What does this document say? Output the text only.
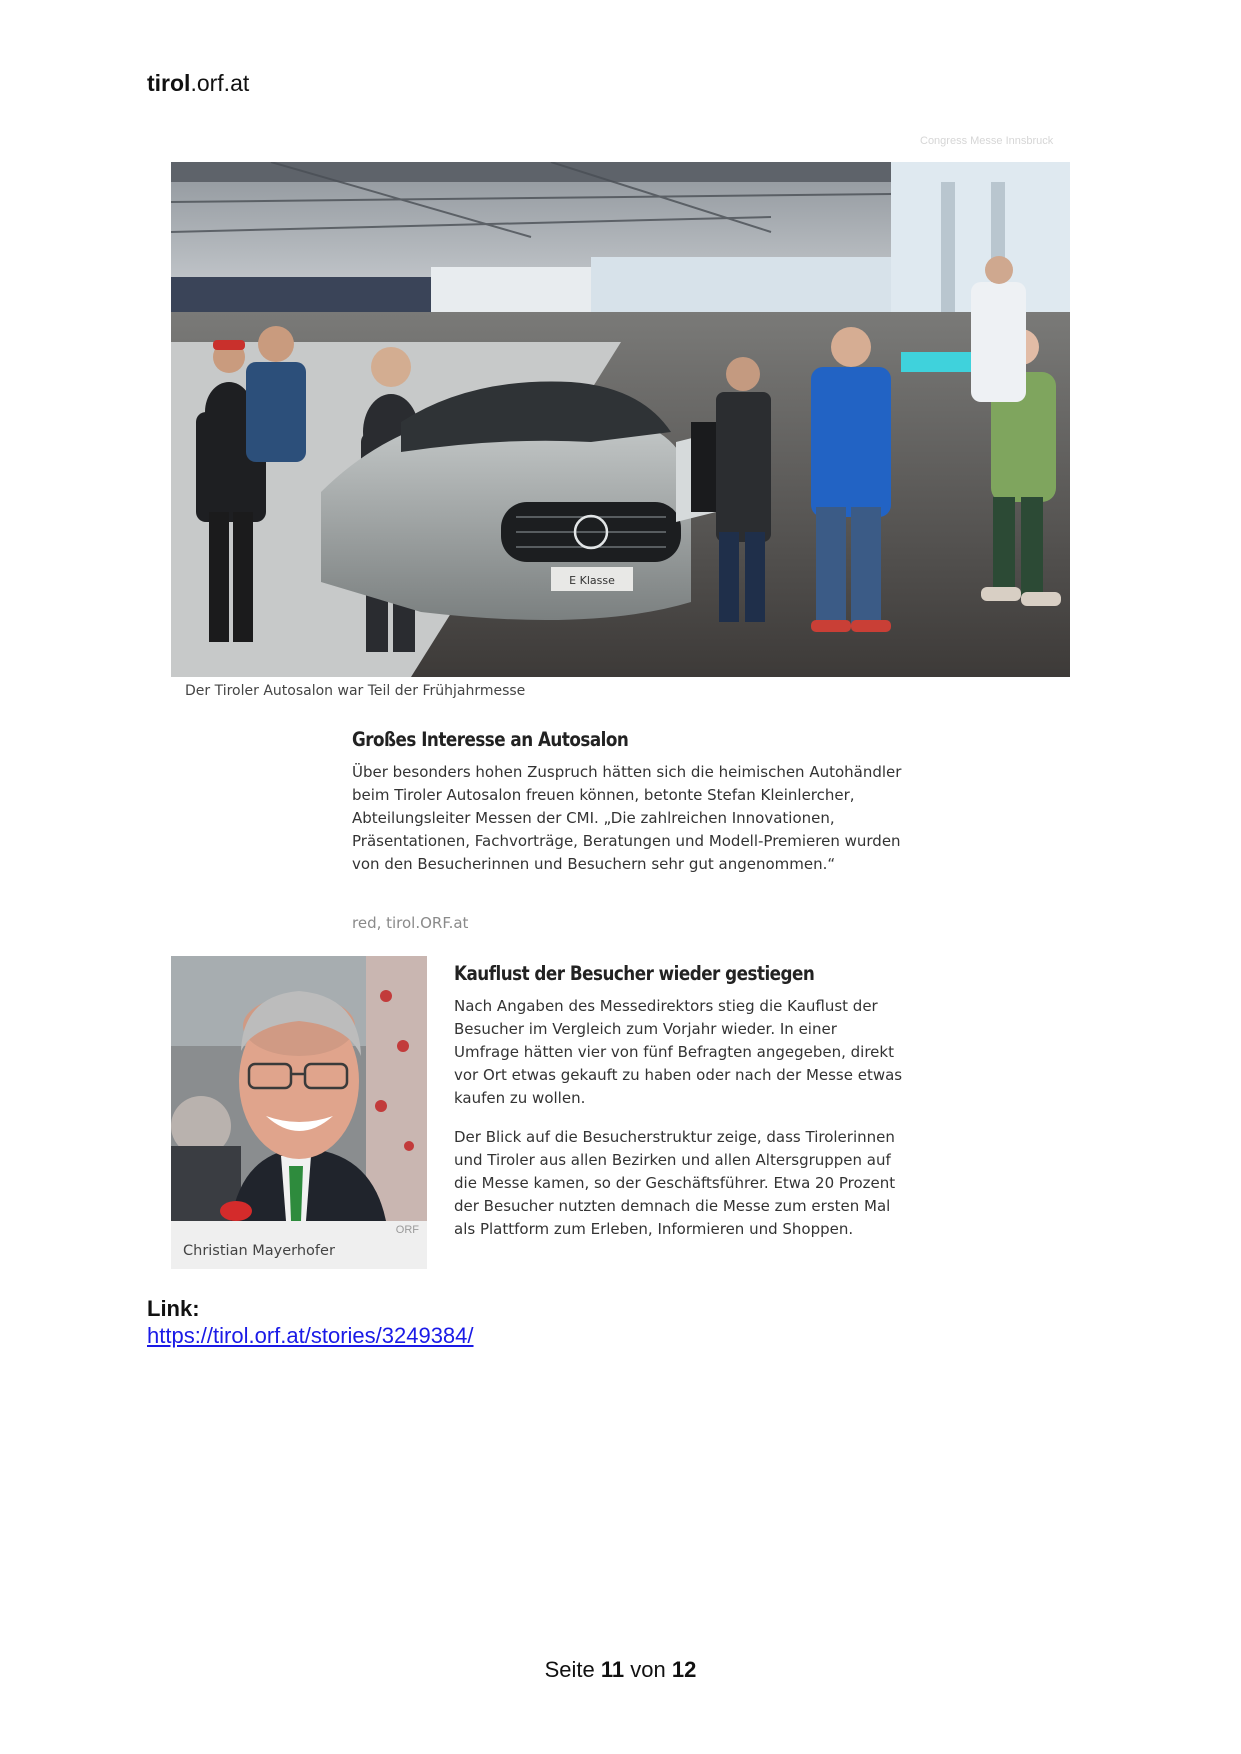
tirol.orf.at
Congress Messe Innsbruck
E Klasse
Der Tiroler Autosalon war Teil der Frühjahrmesse
Großes Interesse an Autosalon

Über besonders hohen Zuspruch hätten sich die heimischen Autohändler beim Tiroler Autosalon freuen können, betonte Stefan Kleinlercher, Abteilungsleiter Messen der CMI. „Die zahlreichen Innovationen, Präsentationen, Fachvorträge, Beratungen und Modell-Premieren wurden von den Besucherinnen und Besuchern sehr gut angenommen.“

red, tirol.ORF.at
ORF
Christian Mayerhofer
Kauflust der Besucher wieder gestiegen

Nach Angaben des Messedirektors stieg die Kauflust der Besucher im Vergleich zum Vorjahr wieder. In einer Umfrage hätten vier von fünf Befragten angegeben, direkt vor Ort etwas gekauft zu haben oder nach der Messe etwas kaufen zu wollen.

Der Blick auf die Besucherstruktur zeige, dass Tirolerinnen und Tiroler aus allen Bezirken und allen Altersgruppen auf die Messe kamen, so der Geschäftsführer. Etwa 20 Prozent der Besucher nutzten demnach die Messe zum ersten Mal als Plattform zum Erleben, Informieren und Shoppen.

Link:
https://tirol.orf.at/stories/3249384/
Seite 11 von 12
